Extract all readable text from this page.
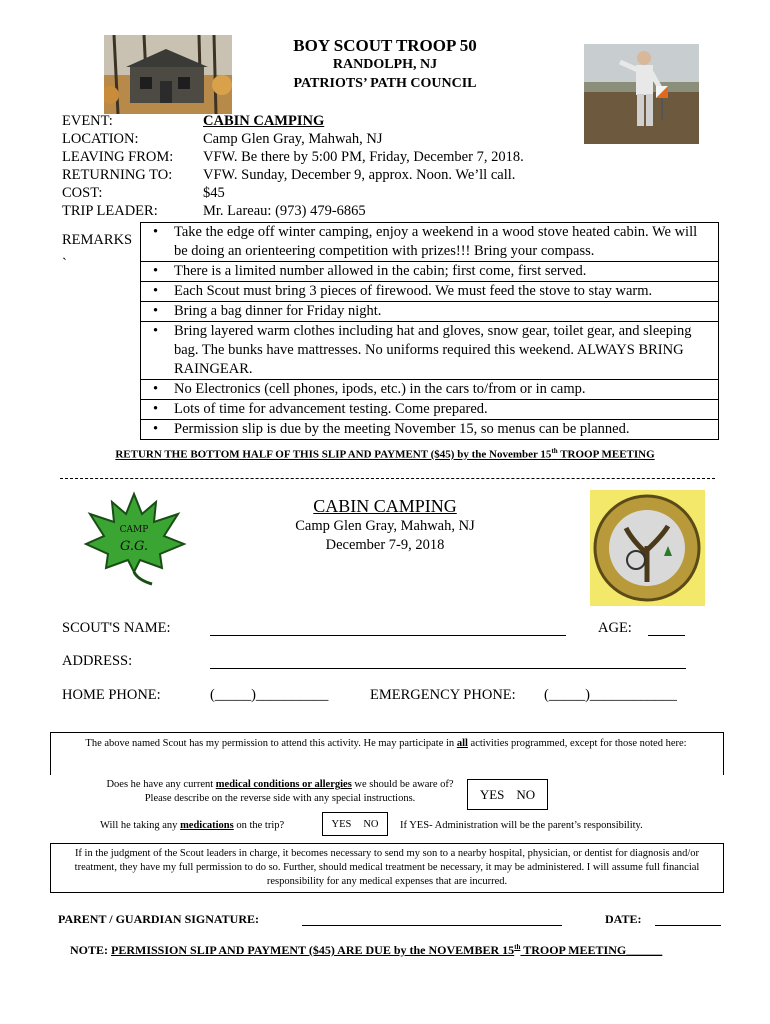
BOY SCOUT TROOP 50
RANDOLPH, NJ
PATRIOTS’ PATH COUNCIL
EVENT:	CABIN CAMPING
LOCATION:	Camp Glen Gray, Mahwah, NJ
LEAVING FROM: VFW. Be there by 5:00 PM, Friday, December 7, 2018.
RETURNING TO: VFW. Sunday, December 9, approx. Noon. We’ll call.
COST:	$45
TRIP LEADER:	Mr. Lareau: (973) 479-6865
REMARKS
`
• Take the edge off winter camping, enjoy a weekend in a wood stove heated cabin. We will be doing an orienteering competition with prizes!!! Bring your compass.

• There is a limited number allowed in the cabin; first come, first served.

• Each Scout must bring 3 pieces of firewood. We must feed the stove to stay warm.

• Bring a bag dinner for Friday night.

• Bring layered warm clothes including hat and gloves, snow gear, toilet gear, and sleeping bag. The bunks have mattresses. No uniforms required this weekend. ALWAYS BRING RAINGEAR.

• No Electronics (cell phones, ipods, etc.) in the cars to/from or in camp.

• Lots of time for advancement testing. Come prepared.

• Permission slip is due by the meeting November 15, so menus can be planned.
RETURN THE BOTTOM HALF OF THIS SLIP AND PAYMENT ($45) by the November 15th TROOP MEETING
CAMP
G.G.
CABIN CAMPING
Camp Glen Gray, Mahwah, NJ
December 7-9, 2018
SCOUT'S NAME:	AGE:
ADDRESS:
HOME PHONE:	(_____)__________	EMERGENCY PHONE: (_____)____________
The above named Scout has my permission to attend this activity. He may participate in all activities programmed, except for those noted here:
Does he have any current medical conditions or allergies we should be aware of?
Please describe on the reverse side with any special instructions.	YES NO
Will he taking any medications on the trip?	YES NO If YES- Administration will be the parent’s responsibility.
If in the judgment of the Scout leaders in charge, it becomes necessary to send my son to a nearby hospital, physician, or dentist for diagnosis and/or treatment, they have my full permission to do so. Further, should medical treatment be necessary, it may be administered. I will assume full financial responsibility for any medical expenses that are incurred.
PARENT / GUARDIAN SIGNATURE:	DATE:
NOTE: PERMISSION SLIP AND PAYMENT ($45) ARE DUE by the NOVEMBER 15th TROOP MEETING______
